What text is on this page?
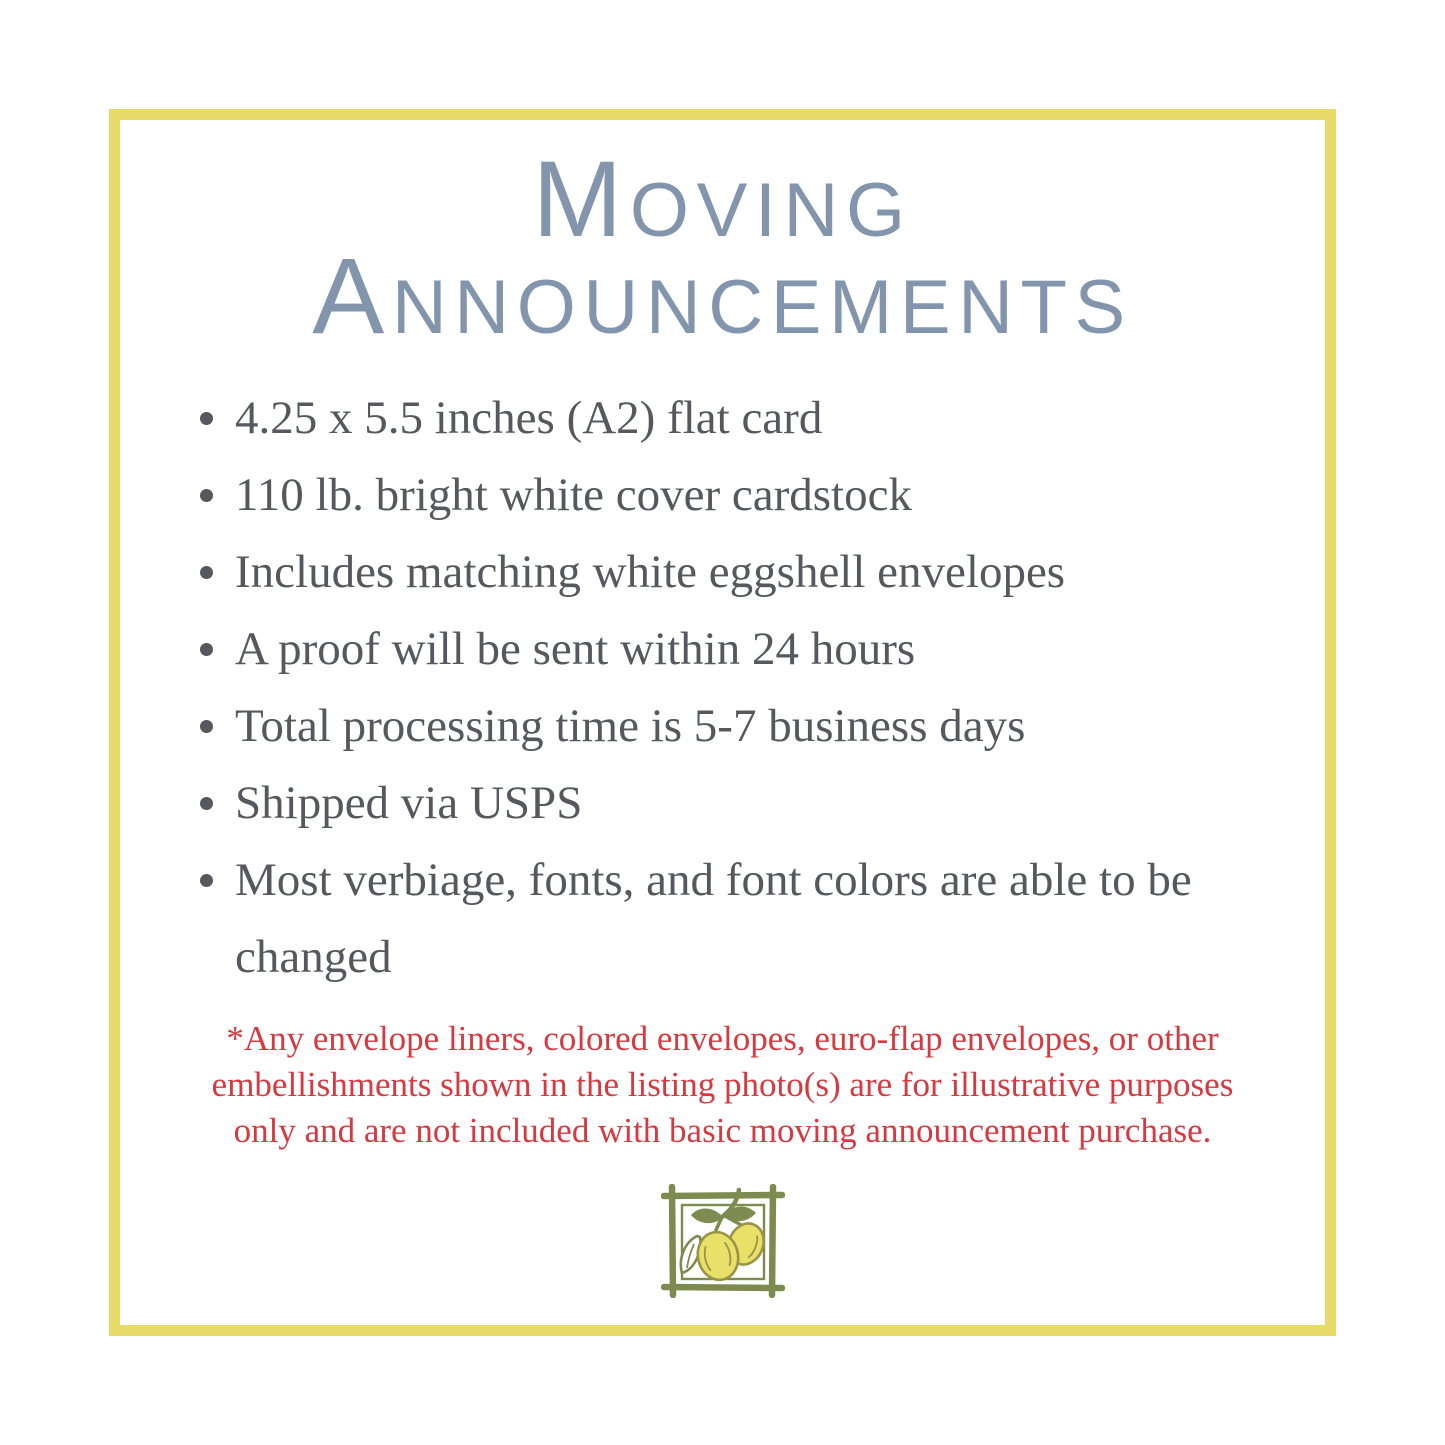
Moving
Announcements
4.25 x 5.5 inches (A2) flat card
110 lb. bright white cover cardstock
Includes matching white eggshell envelopes
A proof will be sent within 24 hours
Total processing time is 5-7 business days
Shipped via USPS
Most verbiage, fonts, and font colors are able to be changed

*Any envelope liners, colored envelopes, euro-flap envelopes, or other
embellishments shown in the listing photo(s) are for illustrative purposes
only and are not included with basic moving announcement purchase.
